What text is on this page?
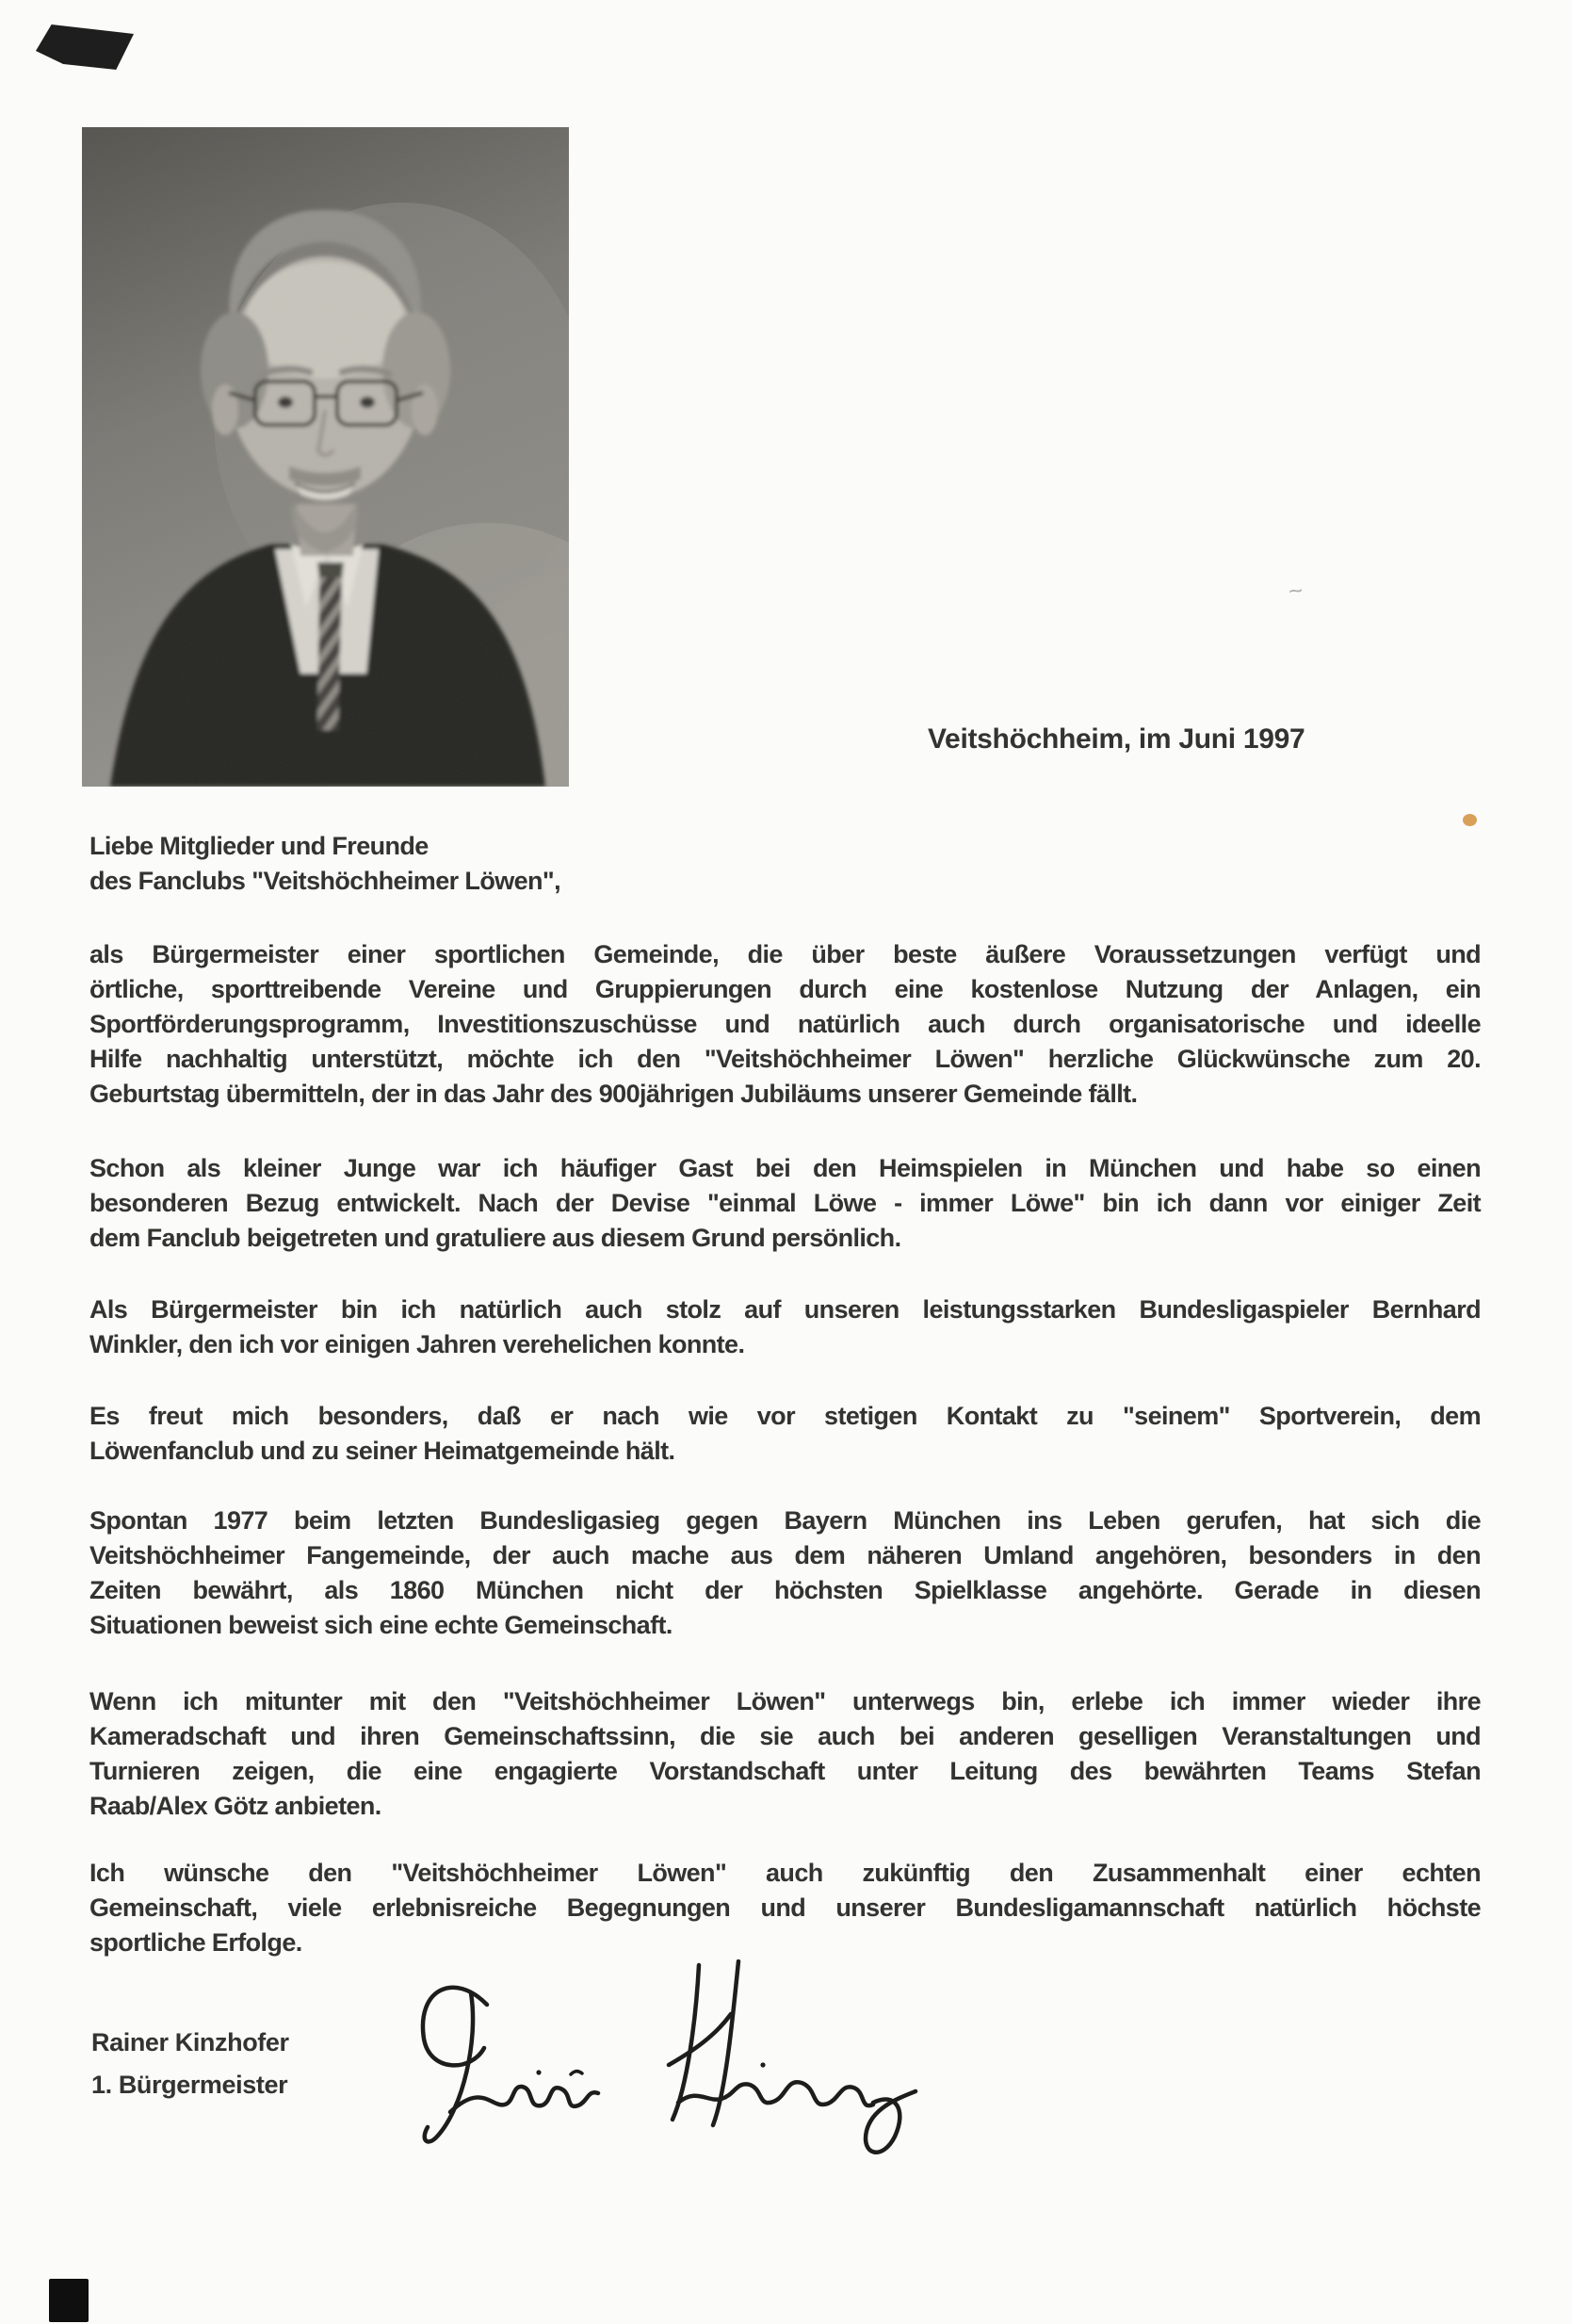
~
Veitshöchheim, im Juni 1997
Liebe Mitglieder und Freunde
des Fanclubs "Veitshöchheimer Löwen",
als Bürgermeister einer sportlichen Gemeinde, die über beste äußere Voraussetzungen verfügt und
örtliche, sporttreibende Vereine und Gruppierungen durch eine kostenlose Nutzung der Anlagen, ein
Sportförderungsprogramm, Investitionszuschüsse und natürlich auch durch organisatorische und ideelle
Hilfe nachhaltig unterstützt, möchte ich den "Veitshöchheimer Löwen" herzliche Glückwünsche zum 20.
Geburtstag übermitteln, der in das Jahr des 900jährigen Jubiläums unserer Gemeinde fällt.
Schon als kleiner Junge war ich häufiger Gast bei den Heimspielen in München und habe so einen
besonderen Bezug entwickelt. Nach der Devise "einmal Löwe - immer Löwe" bin ich dann vor einiger Zeit
dem Fanclub beigetreten und gratuliere aus diesem Grund persönlich.
Als Bürgermeister bin ich natürlich auch stolz auf unseren leistungsstarken Bundesligaspieler Bernhard
Winkler, den ich vor einigen Jahren verehelichen konnte.
Es freut mich besonders, daß er nach wie vor stetigen Kontakt zu "seinem" Sportverein, dem
Löwenfanclub und zu seiner Heimatgemeinde hält.
Spontan 1977 beim letzten Bundesligasieg gegen Bayern München ins Leben gerufen, hat sich die
Veitshöchheimer Fangemeinde, der auch mache aus dem näheren Umland angehören, besonders in den
Zeiten bewährt, als 1860 München nicht der höchsten Spielklasse angehörte. Gerade in diesen
Situationen beweist sich eine echte Gemeinschaft.
Wenn ich mitunter mit den "Veitshöchheimer Löwen" unterwegs bin, erlebe ich immer wieder ihre
Kameradschaft und ihren Gemeinschaftssinn, die sie auch bei anderen geselligen Veranstaltungen und
Turnieren zeigen, die eine engagierte Vorstandschaft unter Leitung des bewährten Teams Stefan
Raab/Alex Götz anbieten.
Ich wünsche den "Veitshöchheimer Löwen" auch zukünftig den Zusammenhalt einer echten
Gemeinschaft, viele erlebnisreiche Begegnungen und unserer Bundesligamannschaft natürlich höchste
sportliche Erfolge.
Rainer Kinzhofer
1. Bürgermeister
